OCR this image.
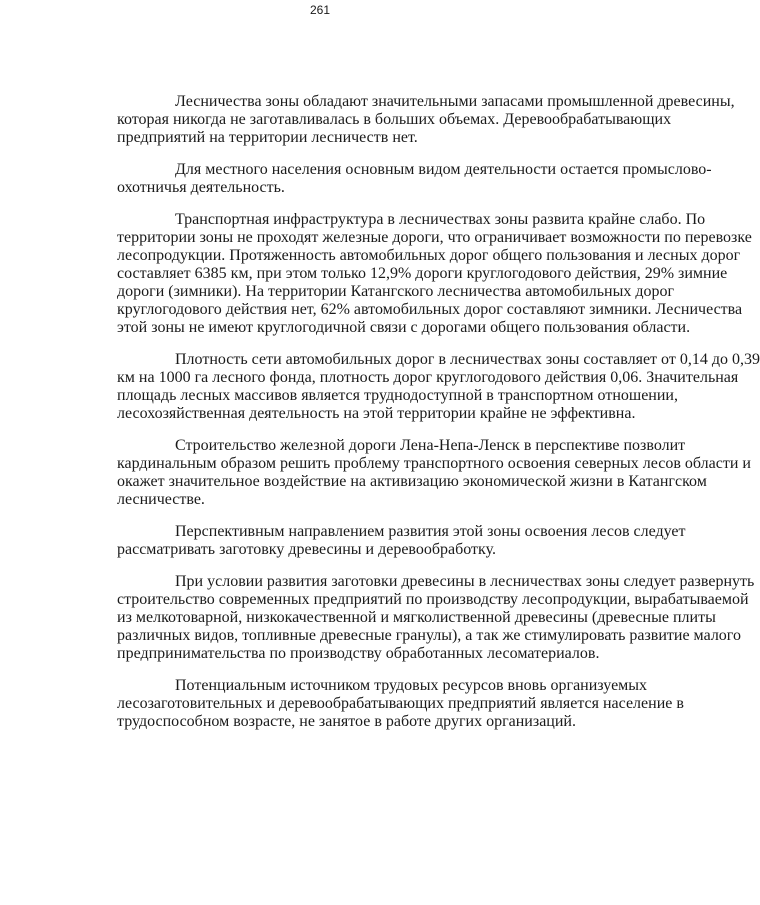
261
Лесничества зоны обладают значительными запасами промышленной древесины,
которая никогда не заготавливалась в больших объемах. Деревообрабатывающих
предприятий на территории лесничеств нет.
Для местного населения основным видом деятельности остается промыслово-
охотничья деятельность.
Транспортная инфраструктура в лесничествах зоны развита крайне слабо. По
территории зоны не проходят железные дороги, что ограничивает возможности по перевозке
лесопродукции. Протяженность автомобильных дорог общего пользования и лесных дорог
составляет 6385 км, при этом только 12,9% дороги круглогодового действия, 29% зимние
дороги (зимники). На территории Катангского лесничества автомобильных дорог
круглогодового действия нет, 62% автомобильных дорог составляют зимники. Лесничества
этой зоны не имеют круглогодичной связи с дорогами общего пользования области.
Плотность сети автомобильных дорог в лесничествах зоны составляет от 0,14 до 0,39
км на 1000 га лесного фонда, плотность дорог круглогодового действия 0,06. Значительная
площадь лесных массивов является труднодоступной в транспортном отношении,
лесохозяйственная деятельность на этой территории крайне не эффективна.
Строительство железной дороги Лена-Непа-Ленск в перспективе позволит
кардинальным образом решить проблему транспортного освоения северных лесов области и
окажет значительное воздействие на активизацию экономической жизни в Катангском
лесничестве.
Перспективным направлением развития этой зоны освоения лесов следует
рассматривать заготовку древесины и деревообработку.
При условии развития заготовки древесины в лесничествах зоны следует развернуть
строительство современных предприятий по производству лесопродукции, вырабатываемой
из мелкотоварной, низкокачественной и мягколиственной древесины (древесные плиты
различных видов, топливные древесные гранулы), а так же стимулировать развитие малого
предпринимательства по производству обработанных лесоматериалов.
Потенциальным источником трудовых ресурсов вновь организуемых
лесозаготовительных и деревообрабатывающих предприятий является население в
трудоспособном возрасте, не занятое в работе других организаций.
